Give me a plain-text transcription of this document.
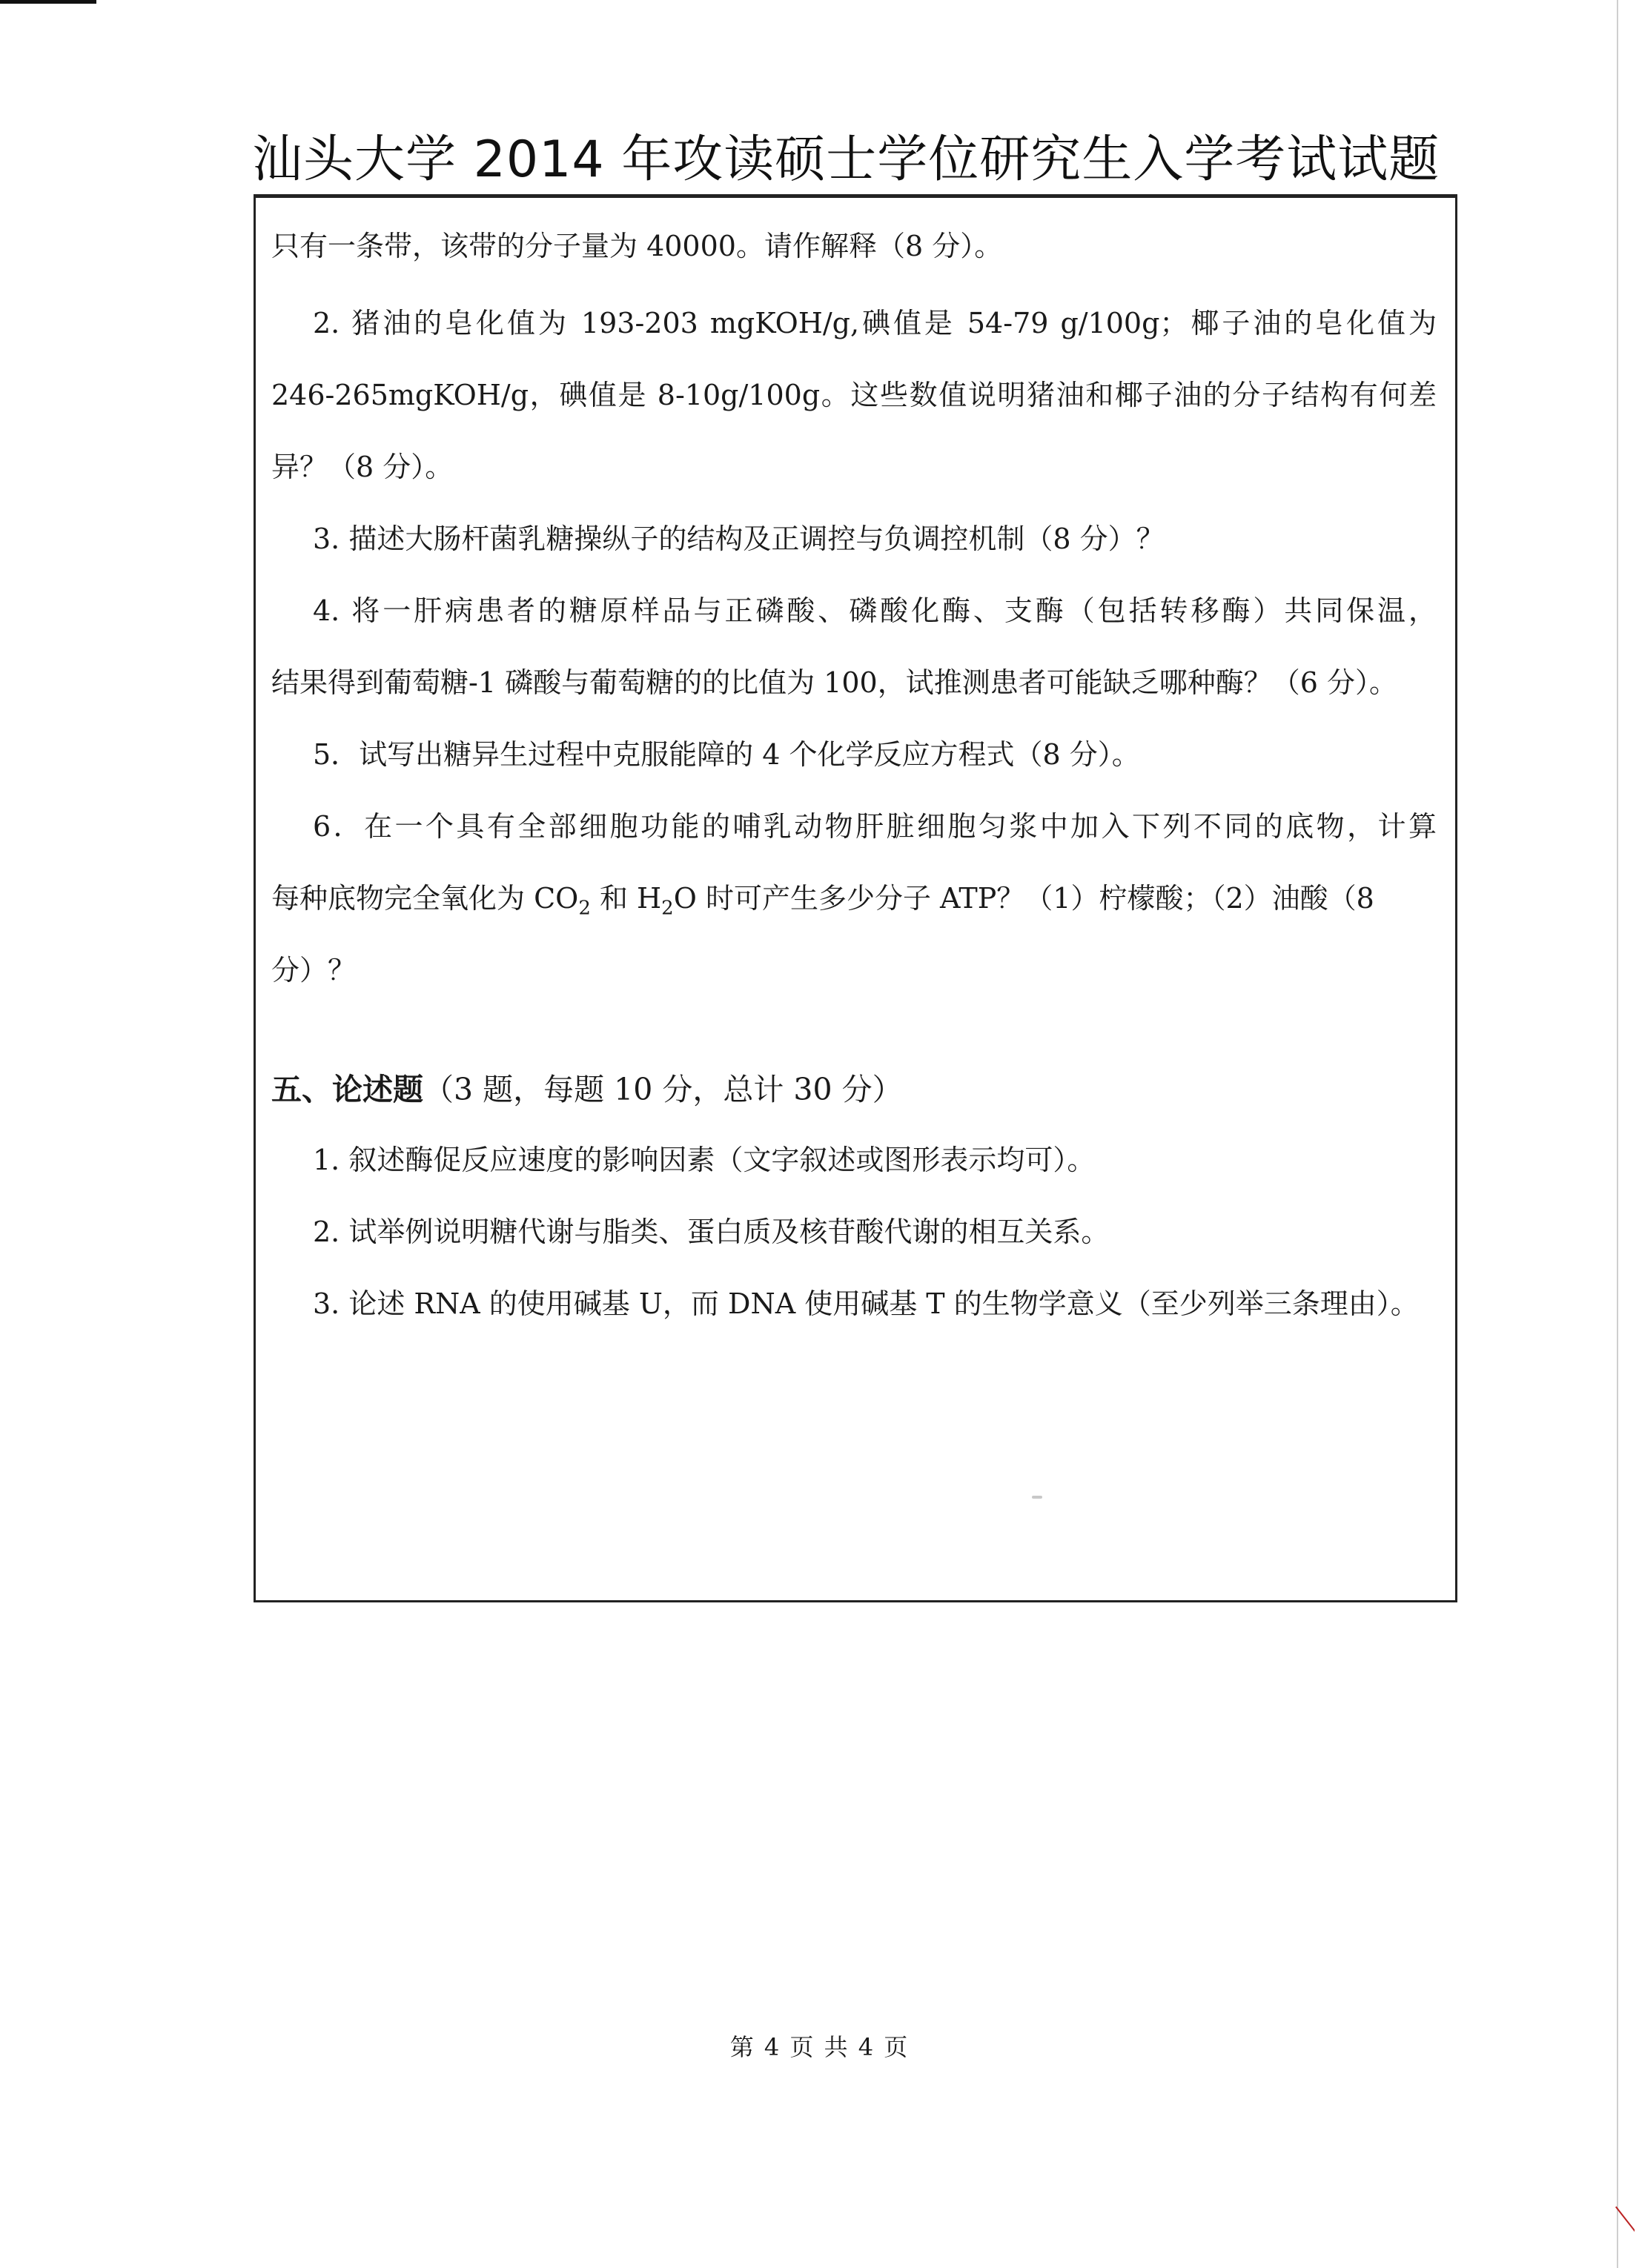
汕头大学 2014 年攻读硕士学位研究生入学考试试题
只有一条带，该带的分子量为 40000。请作解释（8 分）。
2. 猪油的皂化值为 193-203 mgKOH/g,碘值是 54-79 g/100g；椰子油的皂化值为
246-265mgKOH/g，碘值是 8-10g/100g。这些数值说明猪油和椰子油的分子结构有何差
异？（8 分）。
3. 描述大肠杆菌乳糖操纵子的结构及正调控与负调控机制（8 分）？
4. 将一肝病患者的糖原样品与正磷酸、磷酸化酶、支酶（包括转移酶）共同保温，
结果得到葡萄糖-1 磷酸与葡萄糖的的比值为 100，试推测患者可能缺乏哪种酶？（6 分）。
5．试写出糖异生过程中克服能障的 4 个化学反应方程式（8 分）。
6．在一个具有全部细胞功能的哺乳动物肝脏细胞匀浆中加入下列不同的底物，计算
每种底物完全氧化为 $CO_2$ 和 $H_2O$ 时可产生多少分子 ATP？（1）柠檬酸；（2）油酸（8
分）？
五、论述题（3 题，每题 10 分，总计 30 分）
1. 叙述酶促反应速度的影响因素（文字叙述或图形表示均可）。
2. 试举例说明糖代谢与脂类、蛋白质及核苷酸代谢的相互关系。
3. 论述 RNA 的使用碱基 U，而 DNA 使用碱基 T 的生物学意义（至少列举三条理由）。
第 4 页 共 4 页
